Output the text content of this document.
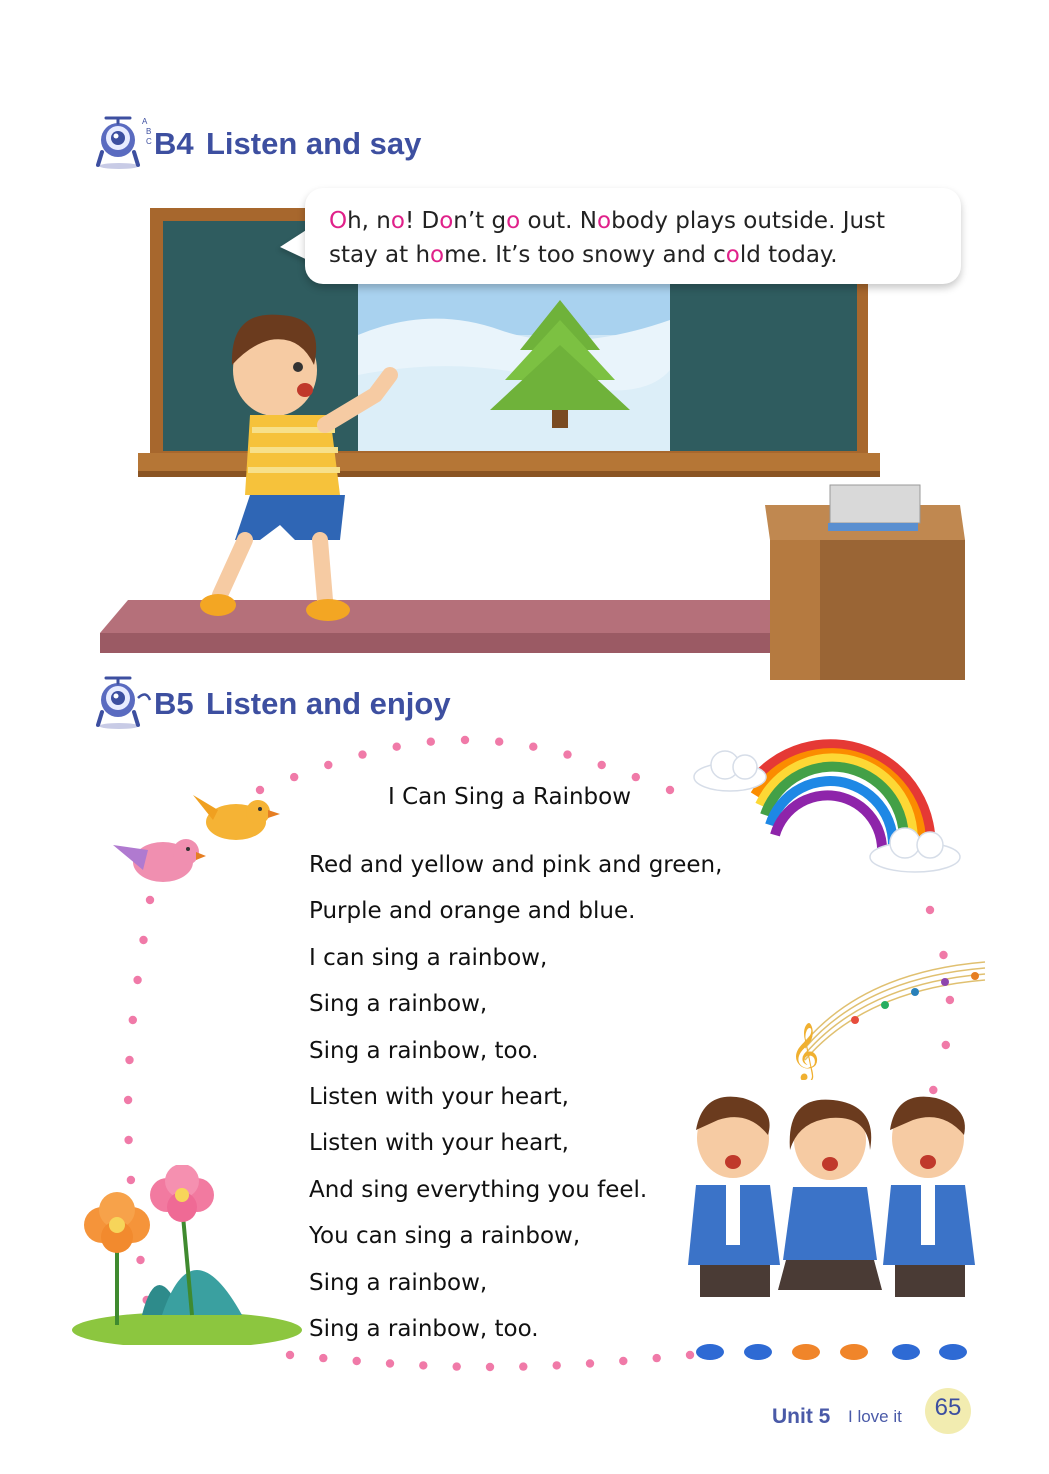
A
B
C B4 Listen and say
Oh, no! Don’t go out. Nobody plays outside. Just
stay at home. It’s too snowy and cold today.
B5 Listen and enjoy
𝄞
I Can Sing a Rainbow
Red and yellow and pink and green,
Purple and orange and blue.
I can sing a rainbow,
Sing a rainbow,
Sing a rainbow, too.
Listen with your heart,
Listen with your heart,
And sing everything you feel.
You can sing a rainbow,
Sing a rainbow,
Sing a rainbow, too.
Unit 5 I love it	65
